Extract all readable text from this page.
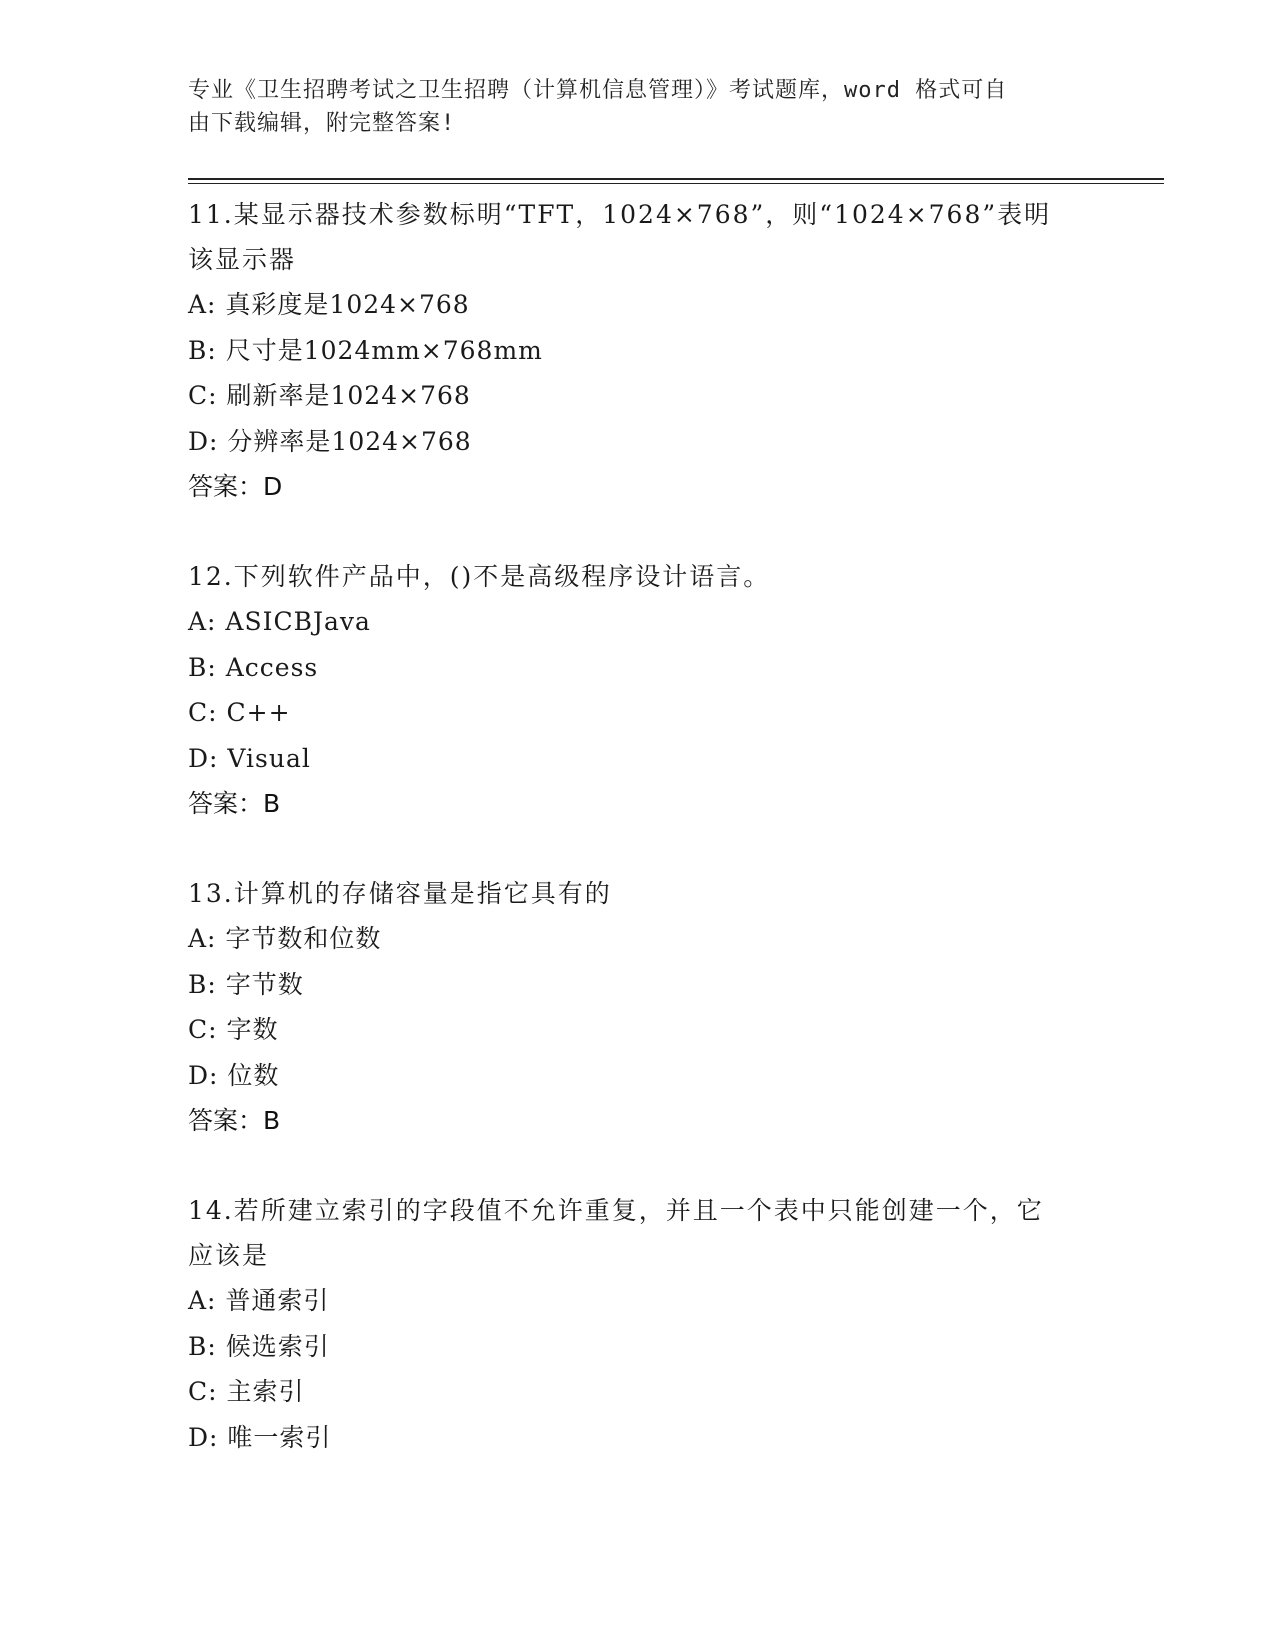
专业《卫生招聘考试之卫生招聘（计算机信息管理）》考试题库，word 格式可自
由下载编辑，附完整答案!

11.某显示器技术参数标明“TFT，1024×768”，则“1024×768”表明该显示器

A: 真彩度是1024×768

B: 尺寸是1024mm×768mm

C: 刷新率是1024×768

D: 分辨率是1024×768

答案：D

12.下列软件产品中，()不是高级程序设计语言。

A: ASICBJava

B: Access

C: C++

D: Visual

答案：B

13.计算机的存储容量是指它具有的

A: 字节数和位数

B: 字节数

C: 字数

D: 位数

答案：B

14.若所建立索引的字段值不允许重复，并且一个表中只能创建一个，它应该是

A: 普通索引

B: 候选索引

C: 主索引

D: 唯一索引
